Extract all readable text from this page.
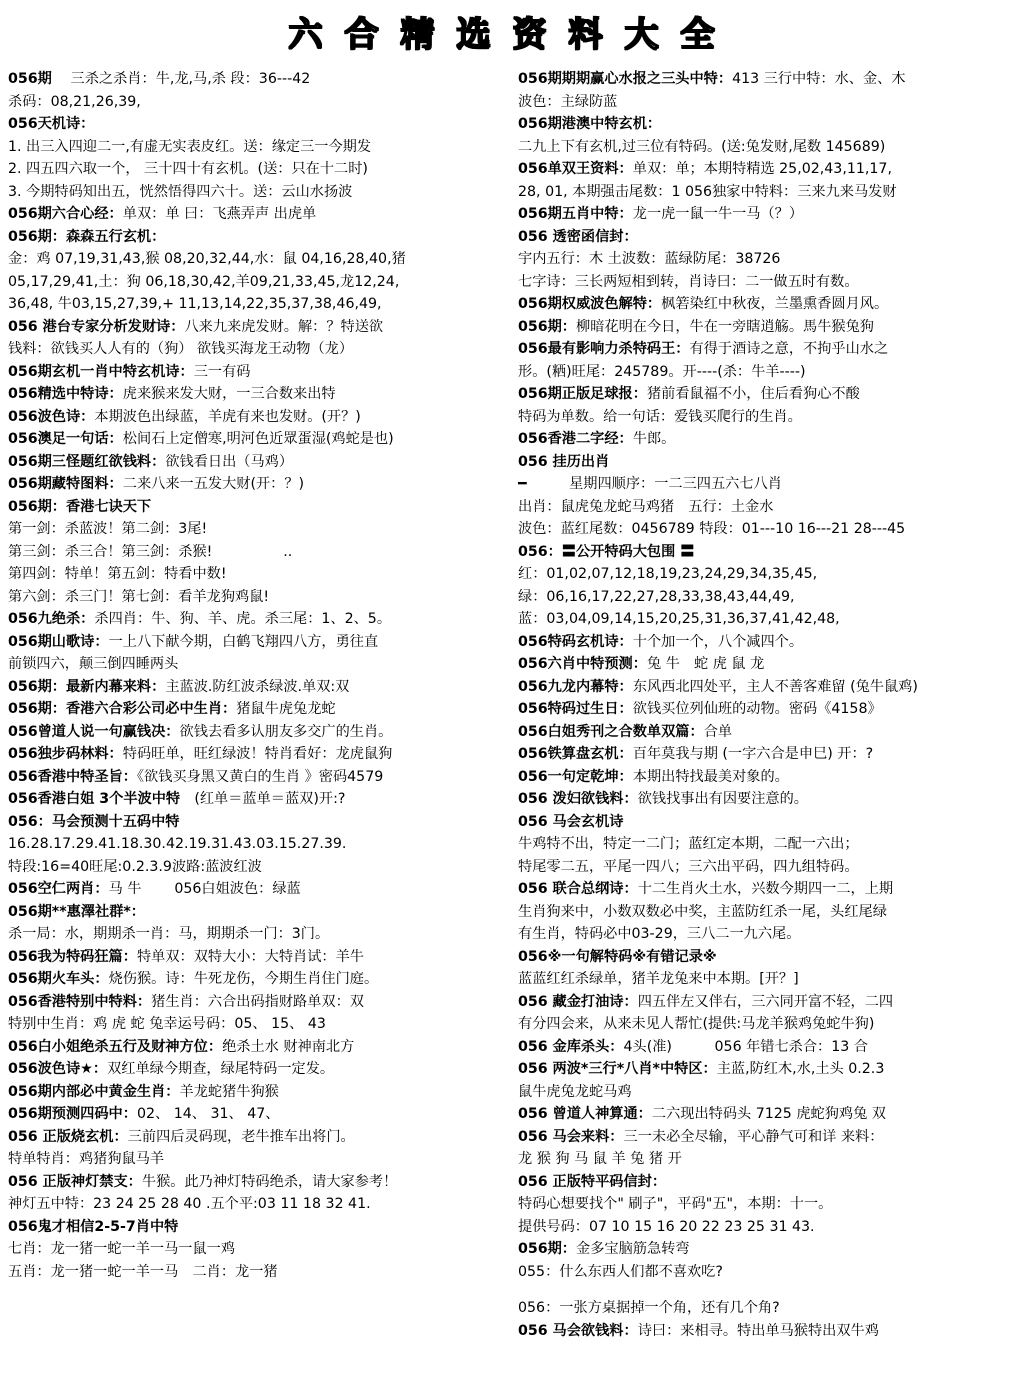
六合精选资料大全
056期　 三杀之杀肖：牛,龙,马,杀 段：36---42
杀码：08,21,26,39,
056天机诗：
1. 出三入四迎二一,有虚无实表皮红。送：缘定三一今期发
2. 四五四六取一个， 三十四十有玄机。(送：只在十二时)
3. 今期特码知出五，恍然悟得四六十。送：云山水扬波
056期六合心经：单双：单 曰：飞燕弄声 出虎单
056期：森森五行玄机：
金：鸡 07,19,31,43,猴 08,20,32,44,水：鼠 04,16,28,40,猪
05,17,29,41,土：狗 06,18,30,42,羊09,21,33,45,龙12,24,
36,48, 牛03,15,27,39,+ 11,13,14,22,35,37,38,46,49,
056 港台专家分析发财诗：八来九来虎发财。解：？特送欲
钱料：欲钱买人人有的（狗） 欲钱买海龙王动物（龙）
056期玄机一肖中特玄机诗：三一有码
056精选中特诗：虎来猴来发大财，一三合数来出特
056波色诗：本期波色出绿蓝，羊虎有来也发财。(开？)
056澳足一句话：松间石上定僧寒,明河色近眾蛋湿(鸡蛇是也)
056期三怪题红欲钱料：欲钱看日出（马鸡）
056期藏特图料：二来八来一五发大财(开：？)
056期：香港七诀天下
第一剑：杀蓝波！第二剑：3尾!
第三剑：杀三合！第三剑：杀猴!　　　　　..
第四剑：特单！第五剑：特看中数!
第六剑：杀三门！第七剑：看羊龙狗鸡鼠!
056九绝杀：杀四肖：牛、狗、羊、虎。杀三尾：1、2、5。
056期山歌诗：一上八下献今期，白鹤飞翔四八方，勇往直
前锁四六，颠三倒四睡两头
056期：最新内幕来料：主蓝波.防红波杀绿波.单双:双
056期：香港六合彩公司必中生肖：猪鼠牛虎兔龙蛇
056曾道人说一句赢钱决：欲钱去看多认朋友多交广的生肖。
056独步码林料：特码旺单，旺红绿波！特肖看好：龙虎鼠狗
056香港中特圣旨：《欲钱买身黑又黄白的生肖 》密码4579
056香港白姐 3个半波中特　(红单＝蓝单＝蓝双)开:?
056：马会预测十五码中特
16.28.17.29.41.18.30.42.19.31.43.03.15.27.39.
特段:16=40旺尾:0.2.3.9波路:蓝波红波
056空仁两肖：马 牛　　 056白姐波色：绿蓝
056期**惠澤社群*：
杀一局：水，期期杀一肖：马，期期杀一门：3门。
056我为特码狂篇：特单双：双特大小：大特肖试：羊牛
056期火车头：烧伤猴。诗：牛死龙伤，今期生肖住门庭。
056香港特别中特料：猪生肖：六合出码指财路单双：双
特别中生肖：鸡 虎 蛇 兔幸运号码：05、 15、 43
056白小姐绝杀五行及财神方位：绝杀土水 财神南北方
056波色诗★：双红单绿今期查，绿尾特码一定发。
056期内部必中黄金生肖：羊龙蛇猪牛狗猴
056期预测四码中：02、 14、 31、 47、
056 正版烧玄机：三前四后灵码现，老牛推车出将门。
特单特肖：鸡猪狗鼠马羊
056 正版神灯禁支：牛猴。此乃神灯特码绝杀，请大家参考！
神灯五中特：23 24 25 28 40 .五个平:03 11 18 32 41.
056鬼才相信2-5-7肖中特
七肖：龙一猪一蛇一羊一马一鼠一鸡
五肖：龙一猪一蛇一羊一马　二肖：龙一猪
056期期期赢心水报之三头中特：413 三行中特：水、金、木
波色：主绿防蓝
056期港澳中特玄机：
二九上下有玄机,过三位有特码。(送:兔发财,尾数 145689)
056单双王资料：单双：单；本期特精选 25,02,43,11,17,
28, 01, 本期强击尾数：1 056独家中特料：三来九来马发财
056期五肖中特：龙一虎一鼠一牛一马（？）
056 透密函信封：
宇内五行：木 土波数：蓝绿防尾：38726
七字诗：三长两短相到转，肖诗曰：二一做五时有数。
056期权威波色解特：枫箬染红中秋夜，兰墨熏香圆月风。
056期：柳暗花明在今日，牛在一旁瞎逍觞。馬牛猴兔狗
056最有影响力杀特码王：有得于酒诗之意，不拘乎山水之
形。(粞)旺尾：245789。开----(杀：牛羊----)
056期正版足球报：猪前看鼠福不小，住后看狗心不酸
特码为单数。给一句话：爱钱买爬行的生肖。
056香港二字经：牛郎。
056 挂历出肖
━　　　星期四顺序：一二三四五六七八肖
出肖：鼠虎兔龙蛇马鸡猪　五行：土金水
波色：蓝红尾数：0456789 特段：01---10 16---21 28---45
056：〓公开特码大包围 〓
红：01,02,07,12,18,19,23,24,29,34,35,45,
绿：06,16,17,22,27,28,33,38,43,44,49,
蓝：03,04,09,14,15,20,25,31,36,37,41,42,48,
056特码玄机诗：十个加一个，八个减四个。
056六肖中特预测：兔 牛　蛇 虎 鼠 龙
056九龙内幕特：东风西北四处平，主人不善客难留 (兔牛鼠鸡)
056特码过生日：欲钱买位列仙班的动物。密码《4158》
056白姐秀刊之合数单双篇：合单
056铁算盘玄机：百年莫我与期 (一字六合是申巳) 开：?
056一句定乾坤：本期出特找最美对象的。
056 泼妇欲钱料：欲钱找事出有因要注意的。
056 马会玄机诗
牛鸡特不出，特定一二门；蓝红定本期，二配一六出；
特尾零二五，平尾一四八；三六出平码，四九组特码。
056 联合总纲诗：十二生肖火土水，兴数今期四一二，上期
生肖狗来中，小数双数必中奖，主蓝防红杀一尾，头红尾绿
有生肖，特码必中03-29，三八二一九六尾。
056※一句解特码※有错记录※
蓝蓝红红杀绿单，猪羊龙兔来中本期。[开？]
056 藏金打油诗：四五伴左又伴右，三六同开富不轻，二四
有分四会来，从来未见人帮忙(提供:马龙羊猴鸡兔蛇牛狗)
056 金库杀头：4头(准)　　　056 年错七杀合：13 合
056 两波*三行*八肖*中特区：主蓝,防红木,水,土头 0.2.3
鼠牛虎兔龙蛇马鸡
056 曾道人神算通：二六现出特码头 7125 虎蛇狗鸡兔 双
056 马会来料：三一未必全尽输，平心静气可和详 来料：
龙 猴 狗 马 鼠 羊 兔 猪 开
056 正版特平码信封：
特码心想要找个" 刷子"，平码"五"，本期：十一。
提供号码：07 10 15 16 20 22 23 25 31 43.
056期：金多宝脑筋急转弯
055：什么东西人们都不喜欢吃?
056：一张方桌据掉一个角，还有几个角?
056 马会欲钱料：诗曰：来相寻。特出单马猴特出双牛鸡
